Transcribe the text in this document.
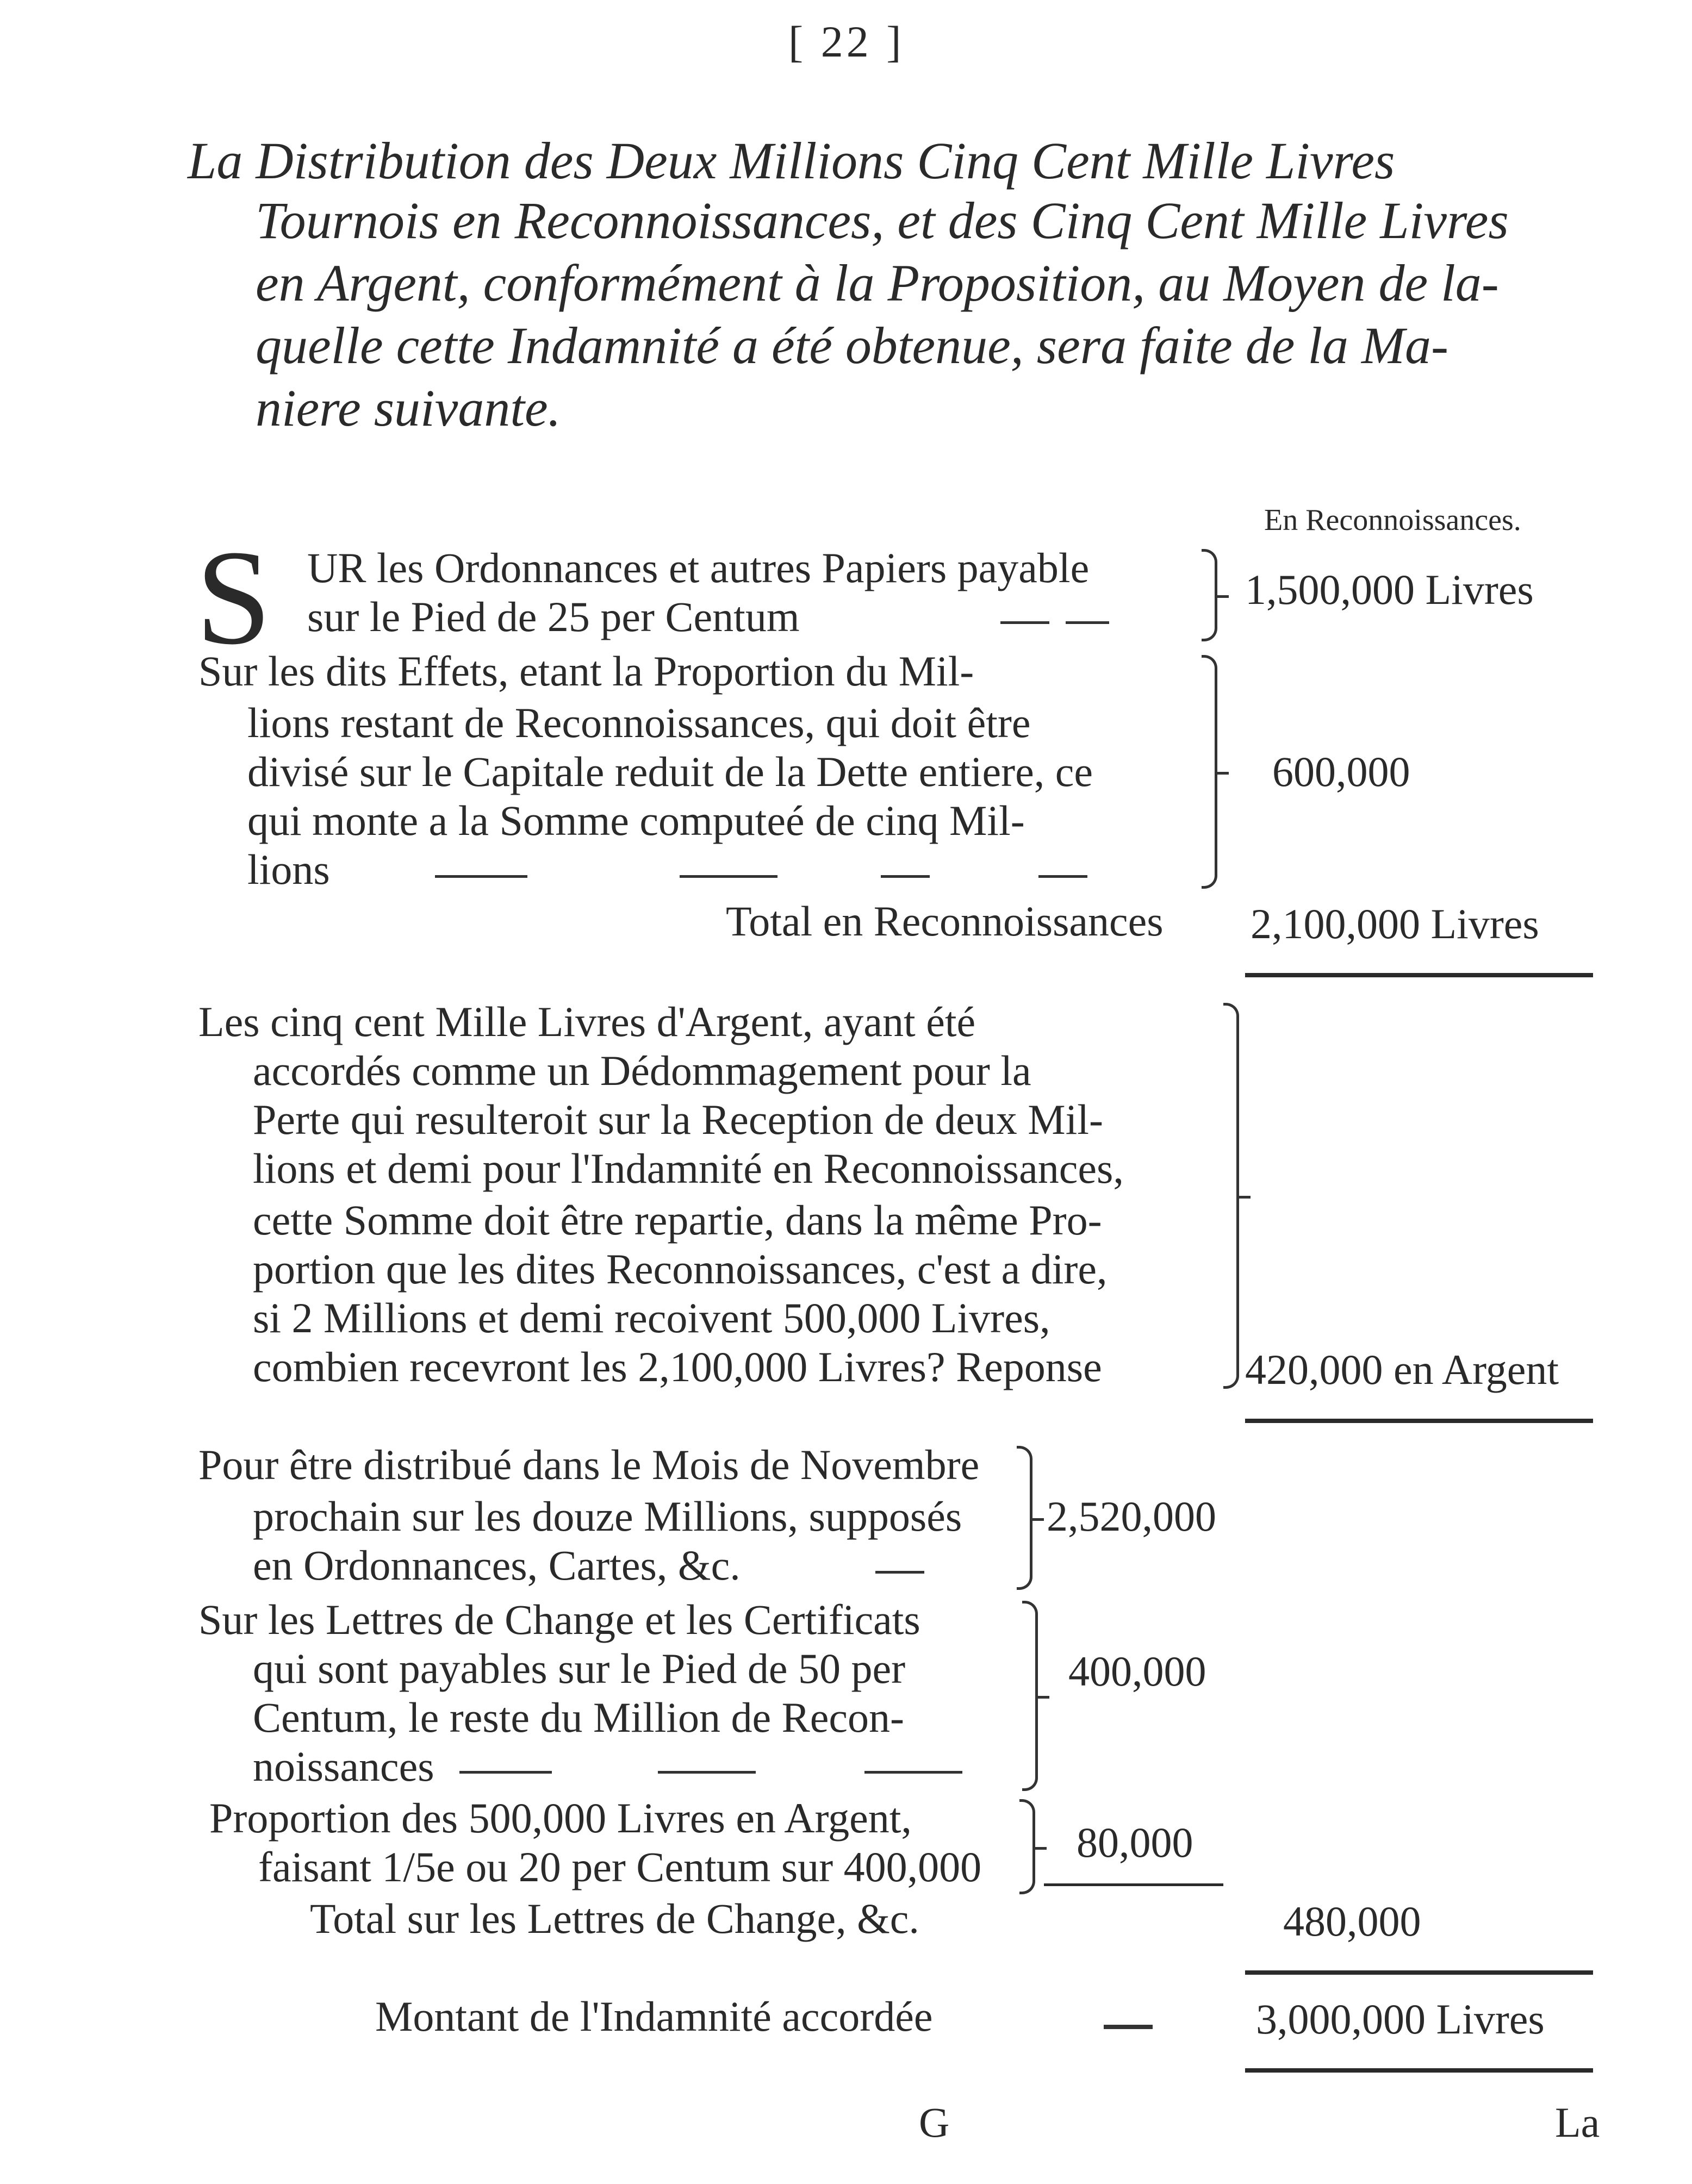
[ 22 ]
La Distribution des Deux Millions Cinq Cent Mille Livres
Tournois en Reconnoissances, et des Cinq Cent Mille Livres
en Argent, conformément à la Proposition, au Moyen de la-
quelle cette Indamnité a été obtenue, sera faite de la Ma-
niere suivante.
En Reconnoissances.
S UR les Ordonnances et autres Papiers payable
sur le Pied de 25 per Centum
1,500,000 Livres
Sur les dits Effets, etant la Proportion du Mil-
lions restant de Reconnoissances, qui doit être
divisé sur le Capitale reduit de la Dette entiere, ce
qui monte a la Somme computeé de cinq Mil-
lions
600,000
Total en Reconnoissances 2,100,000 Livres
Les cinq cent Mille Livres d'Argent, ayant été
accordés comme un Dédommagement pour la
Perte qui resulteroit sur la Reception de deux Mil-
lions et demi pour l'Indamnité en Reconnoissances,
cette Somme doit être repartie, dans la même Pro-
portion que les dites Reconnoissances, c'est a dire,
si 2 Millions et demi recoivent 500,000 Livres,
combien recevront les 2,100,000 Livres? Reponse	420,000 en Argent
Pour être distribué dans le Mois de Novembre
prochain sur les douze Millions, supposés
en Ordonnances, Cartes, &c.
2,520,000
Sur les Lettres de Change et les Certificats
qui sont payables sur le Pied de 50 per
Centum, le reste du Million de Recon-
noissances
400,000
Proportion des 500,000 Livres en Argent,
faisant 1/5e ou 20 per Centum sur 400,000
80,000
Total sur les Lettres de Change, &c.	480,000
Montant de l'Indamnité accordée	3,000,000 Livres
G	La
